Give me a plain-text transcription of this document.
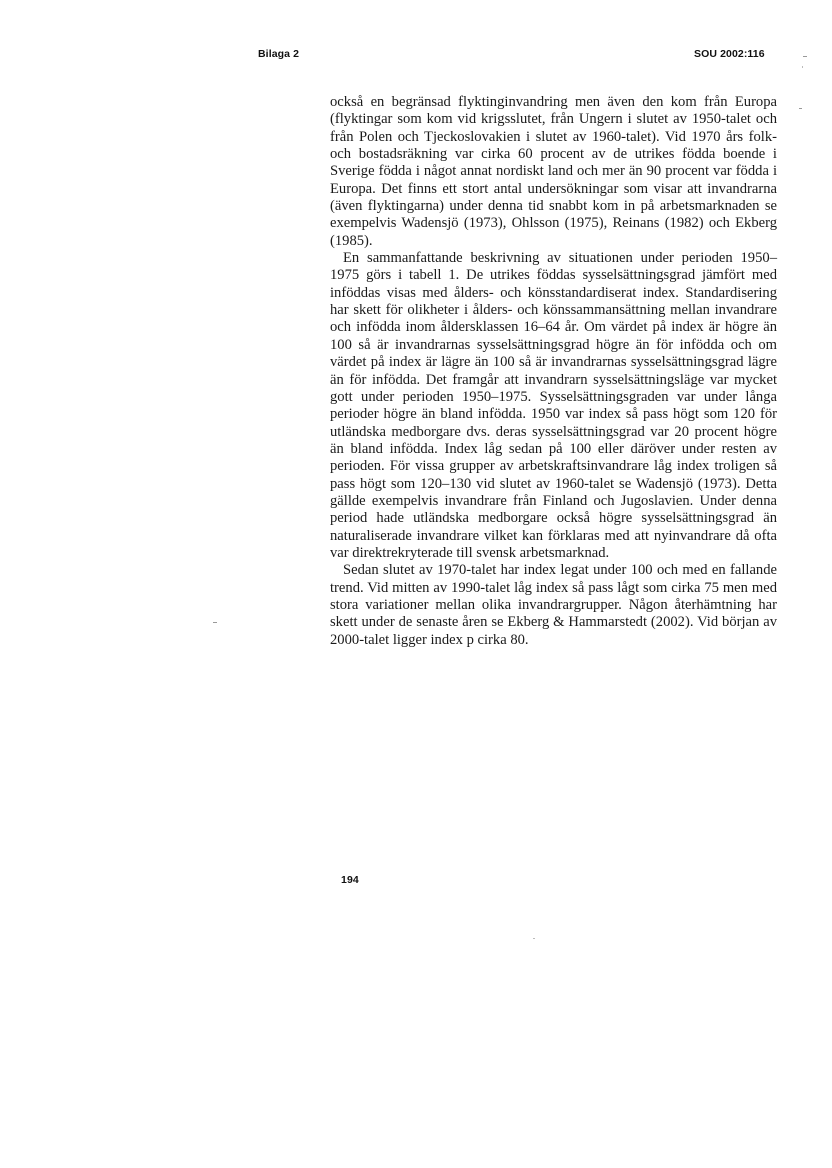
Bilaga 2	SOU 2002:116

också en begränsad flyktinginvandring men även den kom från Europa (flyktingar som kom vid krigsslutet, från Ungern i slutet av 1950-talet och från Polen och Tjeckoslovakien i slutet av 1960-talet). Vid 1970 års folk- och bostadsräkning var cirka 60 procent av de utrikes födda boende i Sverige födda i något annat nordiskt land och mer än 90 procent var födda i Europa. Det finns ett stort antal undersökningar som visar att invandrarna (även flyktingarna) under denna tid snabbt kom in på arbetsmarknaden se exempelvis Wadensjö (1973), Ohlsson (1975), Reinans (1982) och Ekberg (1985).

En sammanfattande beskrivning av situationen under perioden 1950–1975 görs i tabell 1. De utrikes föddas sysselsättningsgrad jämfört med inföddas visas med ålders- och könsstandardiserat index. Standardisering har skett för olikheter i ålders- och könssammansättning mellan invandrare och infödda inom åldersklassen 16–64 år. Om värdet på index är högre än 100 så är invandrarnas sysselsättningsgrad högre än för infödda och om värdet på index är lägre än 100 så är invandrarnas sysselsättningsgrad lägre än för infödda. Det framgår att invandrarn sysselsättningsläge var mycket gott under perioden 1950–1975. Sysselsättningsgraden var under långa perioder högre än bland infödda. 1950 var index så pass högt som 120 för utländska medborgare dvs. deras sysselsättningsgrad var 20 procent högre än bland infödda. Index låg sedan på 100 eller däröver under resten av perioden. För vissa grupper av arbetskraftsinvandrare låg index troligen så pass högt som 120–130 vid slutet av 1960-talet se Wadensjö (1973). Detta gällde exempelvis invandrare från Finland och Jugoslavien. Under denna period hade utländska medborgare också högre sysselsättningsgrad än naturaliserade invandrare vilket kan förklaras med att nyinvandrare då ofta var direktrekryterade till svensk arbetsmarknad.

Sedan slutet av 1970-talet har index legat under 100 och med en fallande trend. Vid mitten av 1990-talet låg index så pass lågt som cirka 75 men med stora variationer mellan olika invandrargrupper. Någon återhämtning har skett under de senaste åren se Ekberg & Hammarstedt (2002). Vid början av 2000-talet ligger index p cirka 80.

194
